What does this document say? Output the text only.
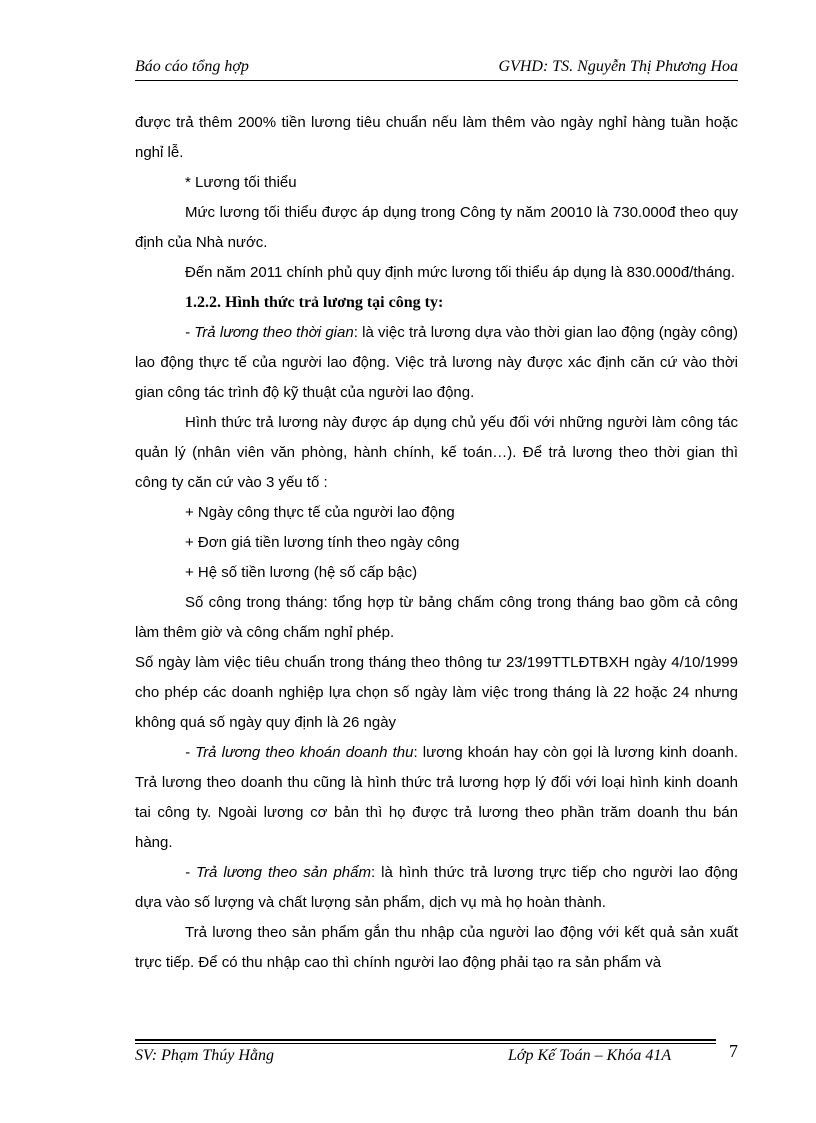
Báo cáo tổng hợp	GVHD: TS. Nguyễn Thị Phương Hoa

được trả thêm 200% tiền lương tiêu chuẩn nếu làm thêm vào ngày nghỉ hàng tuần hoặc nghỉ lễ.

* Lương tối thiểu

Mức lương tối thiểu được áp dụng trong Công ty năm 20010 là 730.000đ theo quy định của Nhà nước.

Đến năm 2011 chính phủ quy định mức lương tối thiểu áp dụng là 830.000đ/tháng.

1.2.2. Hình thức trả lương tại công ty:

- Trả lương theo thời gian: là việc trả lương dựa vào thời gian lao động (ngày công) lao động thực tế của người lao động. Việc trả lương này được xác định căn cứ vào thời gian công tác trình độ kỹ thuật của người lao động.

Hình thức trả lương này được áp dụng chủ yếu đối với những người làm công tác quản lý (nhân viên văn phòng, hành chính, kế toán…). Để trả lương theo thời gian thì công ty căn cứ vào 3 yếu tố :

+ Ngày công thực tế của người lao động

+ Đơn giá tiền lương tính theo ngày công

+ Hệ số tiền lương (hệ số cấp bậc)

Số công trong tháng: tổng hợp từ bảng chấm công trong tháng bao gồm cả công làm thêm giờ và công chấm nghỉ phép.

Số ngày làm việc tiêu chuẩn trong tháng theo thông tư 23/199TTLĐTBXH ngày 4/10/1999 cho phép các doanh nghiệp lựa chọn số ngày làm việc trong tháng là 22 hoặc 24 nhưng không quá số ngày quy định là 26 ngày

- Trả lương theo khoán doanh thu: lương khoán hay còn gọi là lương kinh doanh. Trả lương theo doanh thu cũng là hình thức trả lương hợp lý đối với loại hình kinh doanh tai công ty. Ngoài lương cơ bản thì họ được trả lương theo phần trăm doanh thu bán hàng.

- Trả lương theo sản phẩm: là hình thức trả lương trực tiếp cho người lao động dựa vào số lượng và chất lượng sản phẩm, dịch vụ mà họ hoàn thành.

Trả lương theo sản phẩm gắn thu nhập của người lao động với kết quả sản xuất trực tiếp. Để có thu nhập cao thì chính người lao động phải tạo ra sản phẩm và

SV: Phạm Thúy Hằng	Lớp Kế Toán – Khóa 41A	7
